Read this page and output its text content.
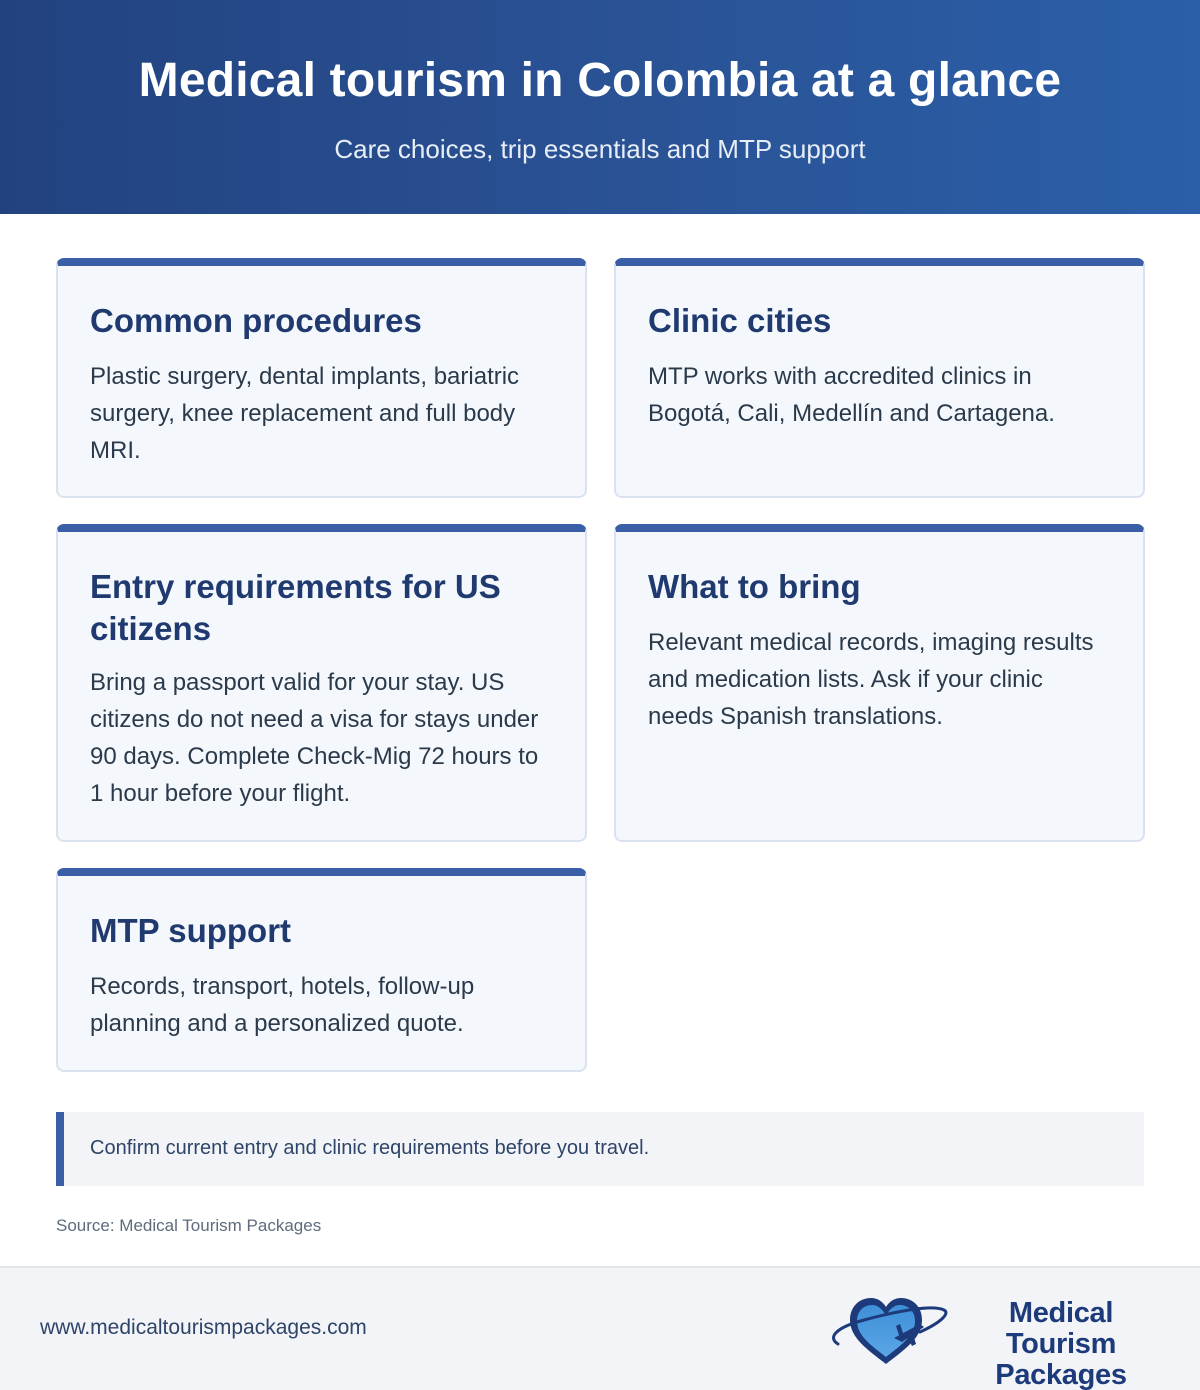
Medical tourism in Colombia at a glance

Care choices, trip essentials and MTP support

Common procedures

Plastic surgery, dental implants, bariatric surgery, knee replacement and full body MRI.

Clinic cities

MTP works with accredited clinics in Bogotá, Cali, Medellín and Cartagena.

Entry requirements for US citizens

Bring a passport valid for your stay. US citizens do not need a visa for stays under 90 days. Complete Check-Mig 72 hours to 1 hour before your flight.

What to bring

Relevant medical records, imaging results and medication lists. Ask if your clinic needs Spanish translations.

MTP support

Records, transport, hotels, follow-up planning and a personalized quote.

Confirm current entry and clinic requirements before you travel.
Source: Medical Tourism Packages
www.medicaltourismpackages.com	Medical Tourism
Packages
